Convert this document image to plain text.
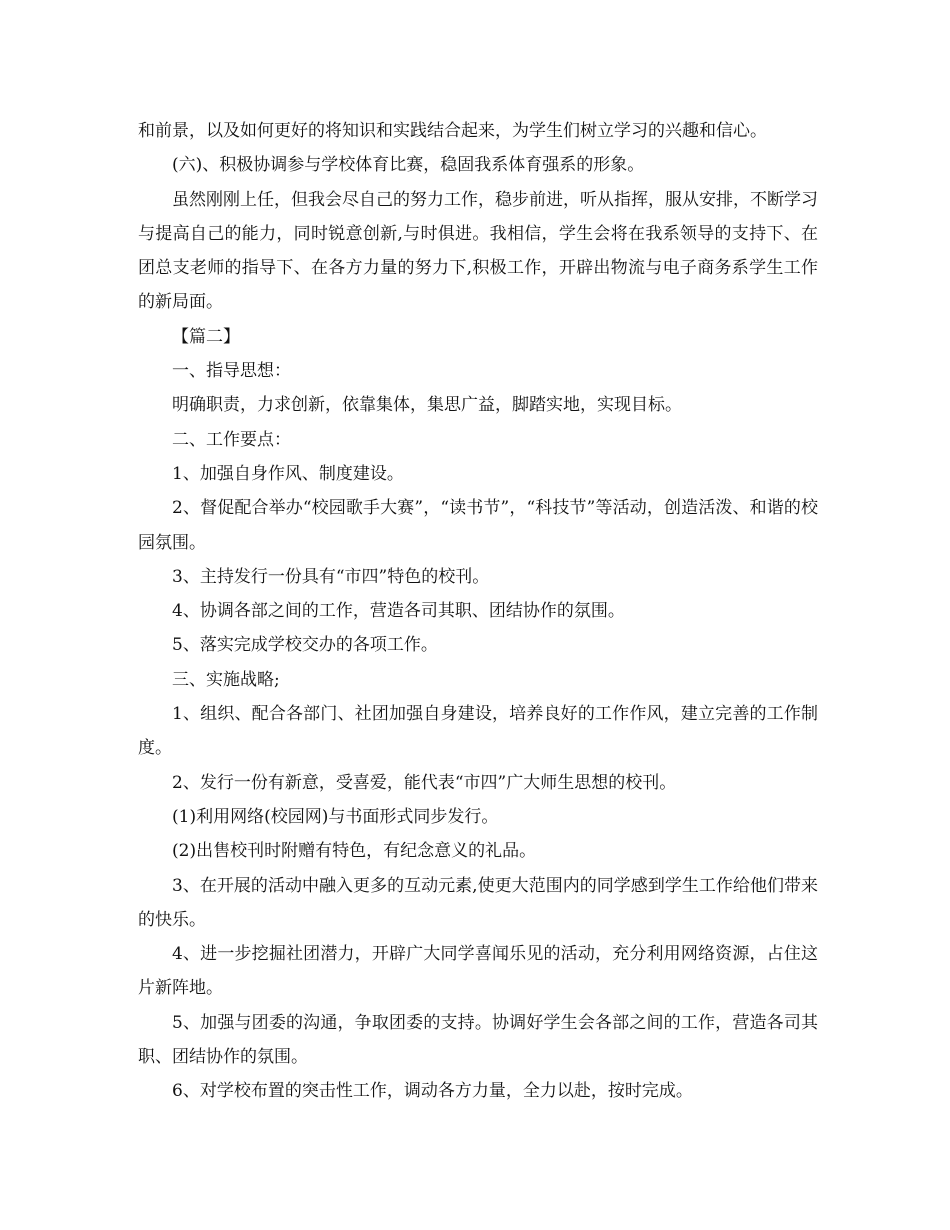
和前景，以及如何更好的将知识和实践结合起来，为学生们树立学习的兴趣和信心。

(六)、积极协调参与学校体育比赛，稳固我系体育强系的形象。

虽然刚刚上任，但我会尽自己的努力工作，稳步前进，听从指挥，服从安排，不断学习与提高自己的能力，同时锐意创新,与时俱进。我相信，学生会将在我系领导的支持下、在团总支老师的指导下、在各方力量的努力下,积极工作，开辟出物流与电子商务系学生工作的新局面。

【篇二】

一、指导思想：

明确职责，力求创新，依靠集体，集思广益，脚踏实地，实现目标。

二、工作要点：

1、加强自身作风、制度建设。

2、督促配合举办“校园歌手大赛”，“读书节”，“科技节”等活动，创造活泼、和谐的校园氛围。

3、主持发行一份具有“市四”特色的校刊。

4、协调各部之间的工作，营造各司其职、团结协作的氛围。

5、落实完成学校交办的各项工作。

三、实施战略;

1、组织、配合各部门、社团加强自身建设，培养良好的工作作风，建立完善的工作制度。

2、发行一份有新意，受喜爱，能代表“市四”广大师生思想的校刊。

(1)利用网络(校园网)与书面形式同步发行。

(2)出售校刊时附赠有特色，有纪念意义的礼品。

3、在开展的活动中融入更多的互动元素,使更大范围内的同学感到学生工作给他们带来的快乐。

4、进一步挖掘社团潜力，开辟广大同学喜闻乐见的活动，充分利用网络资源，占住这片新阵地。

5、加强与团委的沟通，争取团委的支持。协调好学生会各部之间的工作，营造各司其职、团结协作的氛围。

6、对学校布置的突击性工作，调动各方力量，全力以赴，按时完成。
